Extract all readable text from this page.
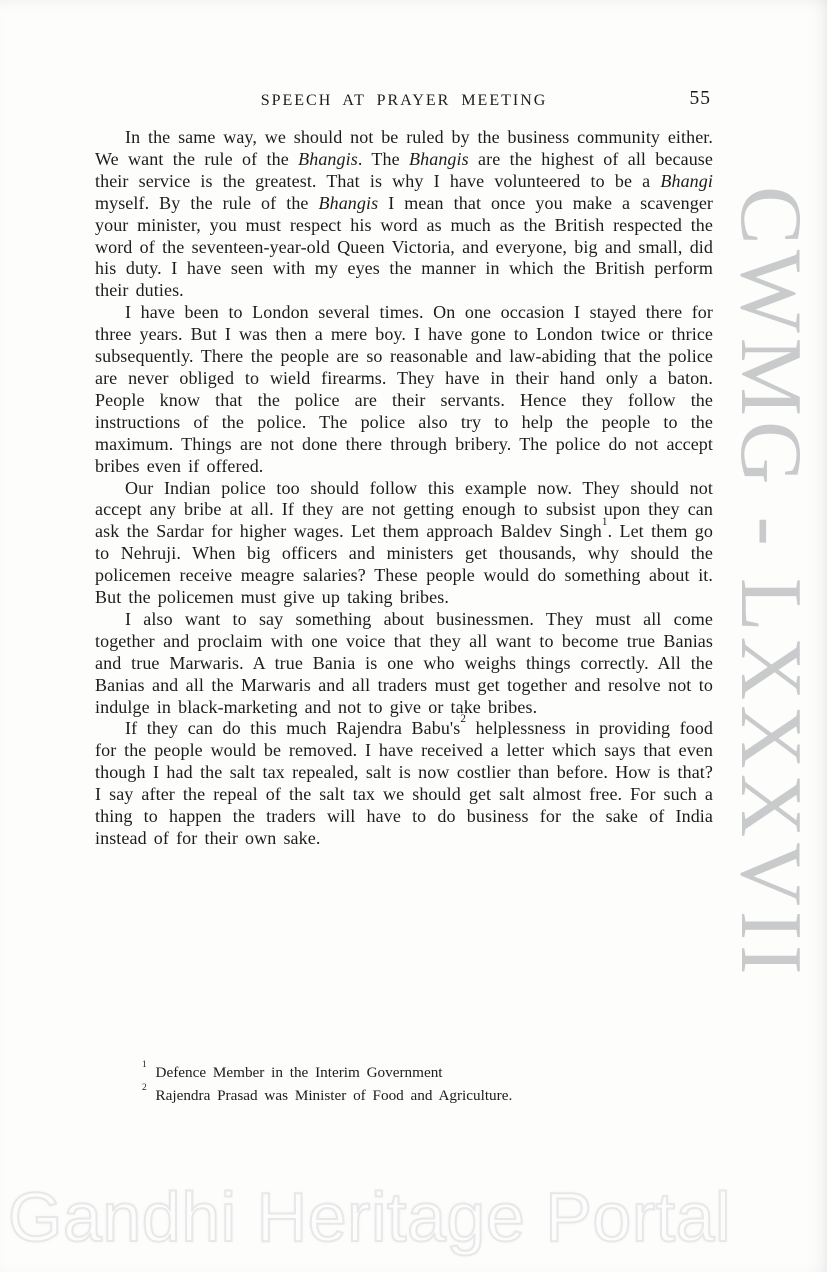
CWMG - LXXXVII
Gandhi Heritage Portal
SPEECH AT PRAYER MEETING	55

In the same way, we should not be ruled by the business community either. We want the rule of the Bhangis. The Bhangis are the highest of all because their service is the greatest. That is why I have volunteered to be a Bhangi myself. By the rule of the Bhangis I mean that once you make a scavenger your minister, you must respect his word as much as the British respected the word of the seventeen-year-old Queen Victoria, and everyone, big and small, did his duty. I have seen with my eyes the manner in which the British perform their duties.

I have been to London several times. On one occasion I stayed there for three years. But I was then a mere boy. I have gone to London twice or thrice subsequently. There the people are so reasonable and law-abiding that the police are never obliged to wield firearms. They have in their hand only a baton. People know that the police are their servants. Hence they follow the instructions of the police. The police also try to help the people to the maximum. Things are not done there through bribery. The police do not accept bribes even if offered.

Our Indian police too should follow this example now. They should not accept any bribe at all. If they are not getting enough to subsist upon they can ask the Sardar for higher wages. Let them approach Baldev Singh$^1$. Let them go to Nehruji. When big officers and ministers get thousands, why should the policemen receive meagre salaries? These people would do something about it. But the policemen must give up taking bribes.

I also want to say something about businessmen. They must all come together and proclaim with one voice that they all want to become true Banias and true Marwaris. A true Bania is one who weighs things correctly. All the Banias and all the Marwaris and all traders must get together and resolve not to indulge in black-marketing and not to give or take bribes.

If they can do this much Rajendra $Babu's^2$ helplessness in providing food for the people would be removed. I have received a letter which says that even though I had the salt tax repealed, salt is now costlier than before. How is that? I say after the repeal of the salt tax we should get salt almost free. For such a thing to happen the traders will have to do business for the sake of India instead of for their own sake.

$^1$ Defence Member in the Interim Government
$^2$ Rajendra Prasad was Minister of Food and Agriculture.
